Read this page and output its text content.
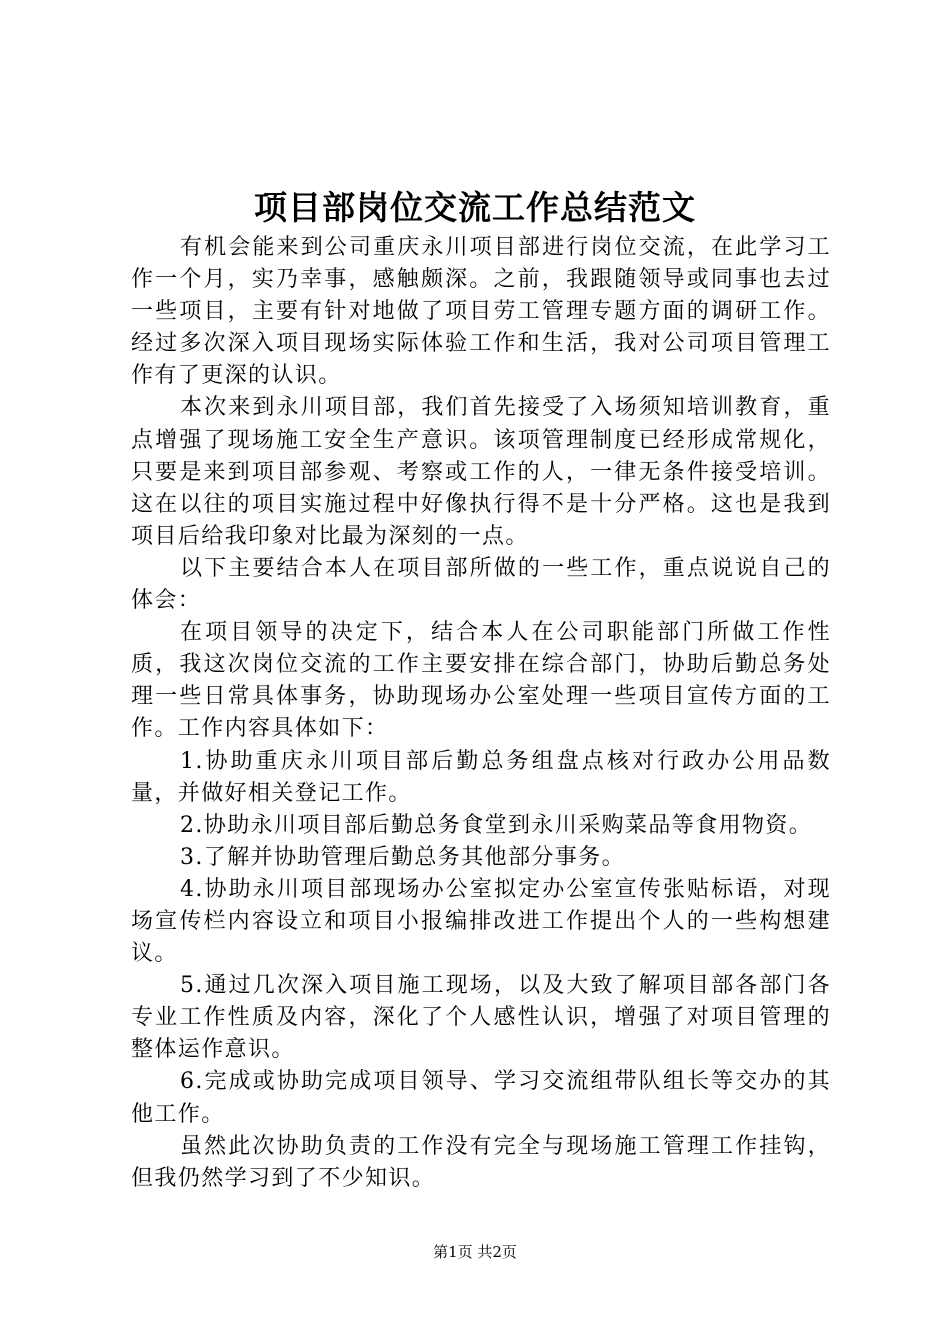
项目部岗位交流工作总结范文

有机会能来到公司重庆永川项目部进行岗位交流，在此学习工作一个月，实乃幸事，感触颇深。之前，我跟随领导或同事也去过一些项目，主要有针对地做了项目劳工管理专题方面的调研工作。经过多次深入项目现场实际体验工作和生活，我对公司项目管理工作有了更深的认识。

本次来到永川项目部，我们首先接受了入场须知培训教育，重点增强了现场施工安全生产意识。该项管理制度已经形成常规化，只要是来到项目部参观、考察或工作的人，一律无条件接受培训。这在以往的项目实施过程中好像执行得不是十分严格。这也是我到项目后给我印象对比最为深刻的一点。

以下主要结合本人在项目部所做的一些工作，重点说说自己的体会：

在项目领导的决定下，结合本人在公司职能部门所做工作性质，我这次岗位交流的工作主要安排在综合部门，协助后勤总务处理一些日常具体事务，协助现场办公室处理一些项目宣传方面的工作。工作内容具体如下：

1.协助重庆永川项目部后勤总务组盘点核对行政办公用品数量，并做好相关登记工作。

2.协助永川项目部后勤总务食堂到永川采购菜品等食用物资。

3.了解并协助管理后勤总务其他部分事务。

4.协助永川项目部现场办公室拟定办公室宣传张贴标语，对现场宣传栏内容设立和项目小报编排改进工作提出个人的一些构想建议。

5.通过几次深入项目施工现场，以及大致了解项目部各部门各专业工作性质及内容，深化了个人感性认识，增强了对项目管理的整体运作意识。

6.完成或协助完成项目领导、学习交流组带队组长等交办的其他工作。

虽然此次协助负责的工作没有完全与现场施工管理工作挂钩，但我仍然学习到了不少知识。

第1页 共2页
